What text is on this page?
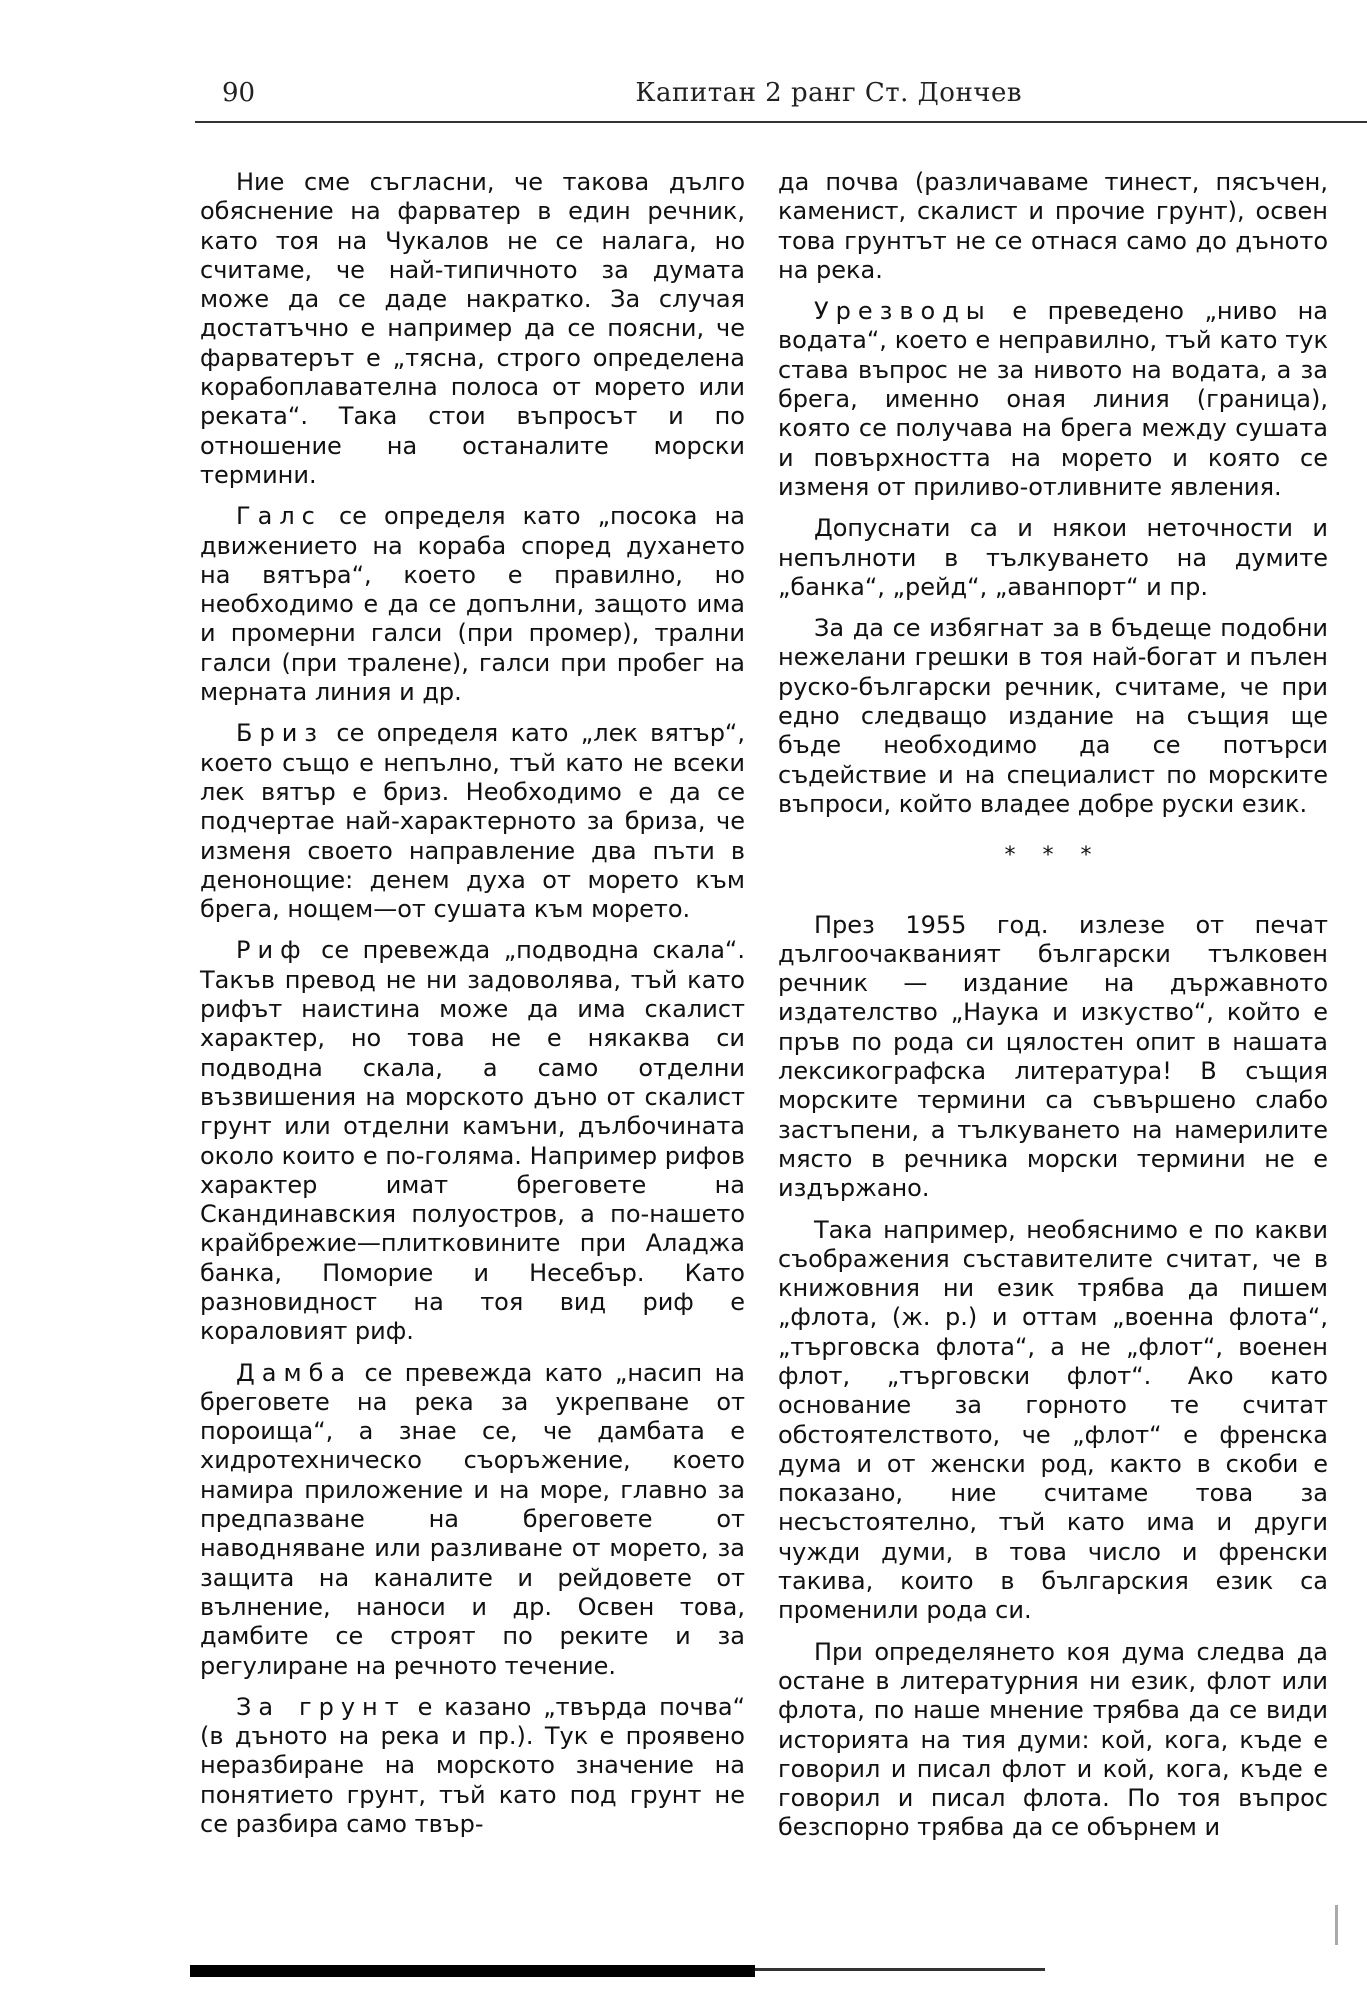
90	Капитан 2 ранг Ст. Дончев

Ние сме съгласни, че такова дълго обяснение на фарватер в един речник, като тоя на Чукалов не се налага, но считаме, че най-типичното за думата може да се даде накратко. За случая достатъчно е например да се поясни, че фарватерът е „тясна, строго определена корабоплавателна полоса от морето или реката“. Така стои въпросът и по отношение на останалите морски термини.

Галс се определя като „посока на движението на кораба според духането на вятъра“, което е правилно, но необходимо е да се допълни, защото има и промерни галси (при промер), трални галси (при тралене), галси при пробег на мерната линия и др.

Бриз се определя като „лек вятър“, което също е непълно, тъй като не всеки лек вятър е бриз. Необходимо е да се подчертае най-характерното за бриза, че изменя своето направление два пъти в денонощие: денем духа от морето към брега, нощем—от сушата към морето.

Риф се превежда „подводна скала“. Такъв превод не ни задоволява, тъй като рифът наистина може да има скалист характер, но това не е някаква си подводна скала, а само отделни възвишения на морското дъно от скалист грунт или отделни камъни, дълбочината около които е по-голяма. Например рифов характер имат бреговете на Скандинавския полуостров, а по-нашето крайбрежие—плитковините при Аладжа банка, Поморие и Несебър. Като разновидност на тоя вид риф е кораловият риф.

Дамба се превежда като „насип на бреговете на река за укрепване от пороища“, а знае се, че дамбата е хидротехническо съоръжение, което намира приложение и на море, главно за предпазване на бреговете от наводняване или разливане от морето, за защита на каналите и рейдовете от вълнение, наноси и др. Освен това, дамбите се строят по реките и за регулиране на речното течение.

За грунт е казано „твърда почва“ (в дъното на река и пр.). Тук е проявено неразбиране на морското значение на понятието грунт, тъй като под грунт не се разбира само твър-

да почва (различаваме тинест, пясъчен, каменист, скалист и прочие грунт), освен това грунтът не се отнася само до дъното на река.

Урезводы е преведено „ниво на водата“, което е неправилно, тъй като тук става въпрос не за нивото на водата, а за брега, именно оная линия (граница), която се получава на брега между сушата и повърхността на морето и която се изменя от приливо-отливните явления.

Допуснати са и някои неточности и непълноти в тълкуването на думите „банка“, „рейд“, „аванпорт“ и пр.

За да се избягнат за в бъдеще подобни нежелани грешки в тоя най-богат и пълен руско-български речник, считаме, че при едно следващо издание на същия ще бъде необходимо да се потърси съдействие и на специалист по морските въпроси, който владее добре руски език.

* * *

През 1955 год. излезе от печат дългоочакваният български тълковен речник — издание на държавното издателство „Наука и изкуство“, който е пръв по рода си цялостен опит в нашата лексикографска литература! В същия морските термини са съвършено слабо застъпени, а тълкуването на намерилите място в речника морски термини не е издържано.

Така например, необяснимо е по какви съображения съставителите считат, че в книжовния ни език трябва да пишем „флота, (ж. р.) и оттам „военна флота“, „търговска флота“, а не „флот“, военен флот, „търговски флот“. Ако като основание за горното те считат обстоятелството, че „флот“ е френска дума и от женски род, както в скоби е показано, ние считаме това за несъстоятелно, тъй като има и други чужди думи, в това число и френски такива, които в българския език са променили рода си.

При определянето коя дума следва да остане в литературния ни език, флот или флота, по наше мнение трябва да се види историята на тия думи: кой, кога, къде е говорил и писал флот и кой, кога, къде е говорил и писал флота. По тоя въпрос безспорно трябва да се обърнем и
